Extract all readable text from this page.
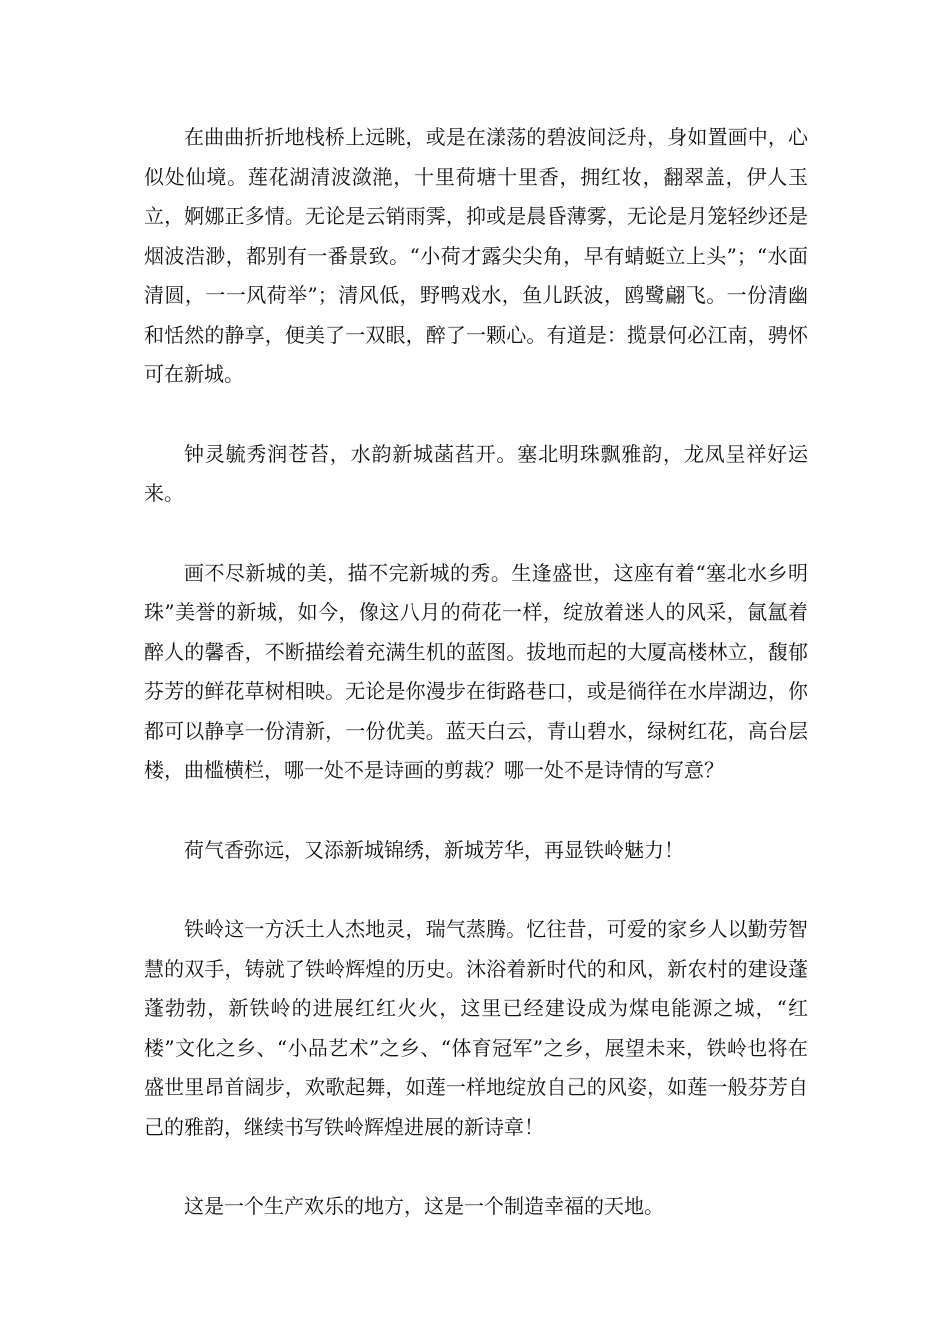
在曲曲折折地栈桥上远眺，或是在漾荡的碧波间泛舟，身如置画中，心似处仙境。莲花湖清波潋滟，十里荷塘十里香，拥红妆，翻翠盖，伊人玉立，婀娜正多情。无论是云销雨霁，抑或是晨昏薄雾，无论是月笼轻纱还是烟波浩渺，都别有一番景致。“小荷才露尖尖角，早有蜻蜓立上头”；“水面清圆，一一风荷举”；清风低，野鸭戏水，鱼儿跃波，鸥鹭翩飞。一份清幽和恬然的静享，便美了一双眼，醉了一颗心。有道是：揽景何必江南，骋怀可在新城。

钟灵毓秀润苍苔，水韵新城菡萏开。塞北明珠飘雅韵，龙凤呈祥好运来。

画不尽新城的美，描不完新城的秀。生逢盛世，这座有着“塞北水乡明珠”美誉的新城，如今，像这八月的荷花一样，绽放着迷人的风采，氤氲着醉人的馨香，不断描绘着充满生机的蓝图。拔地而起的大厦高楼林立，馥郁芬芳的鲜花草树相映。无论是你漫步在街路巷口，或是徜徉在水岸湖边，你都可以静享一份清新，一份优美。蓝天白云，青山碧水，绿树红花，高台层楼，曲槛横栏，哪一处不是诗画的剪裁？哪一处不是诗情的写意？

荷气香弥远，又添新城锦绣，新城芳华，再显铁岭魅力！

铁岭这一方沃土人杰地灵，瑞气蒸腾。忆往昔，可爱的家乡人以勤劳智慧的双手，铸就了铁岭辉煌的历史。沐浴着新时代的和风，新农村的建设蓬蓬勃勃，新铁岭的进展红红火火，这里已经建设成为煤电能源之城，“红楼”文化之乡、“小品艺术”之乡、“体育冠军”之乡，展望未来，铁岭也将在盛世里昂首阔步，欢歌起舞，如莲一样地绽放自己的风姿，如莲一般芬芳自己的雅韵，继续书写铁岭辉煌进展的新诗章！

这是一个生产欢乐的地方，这是一个制造幸福的天地。
